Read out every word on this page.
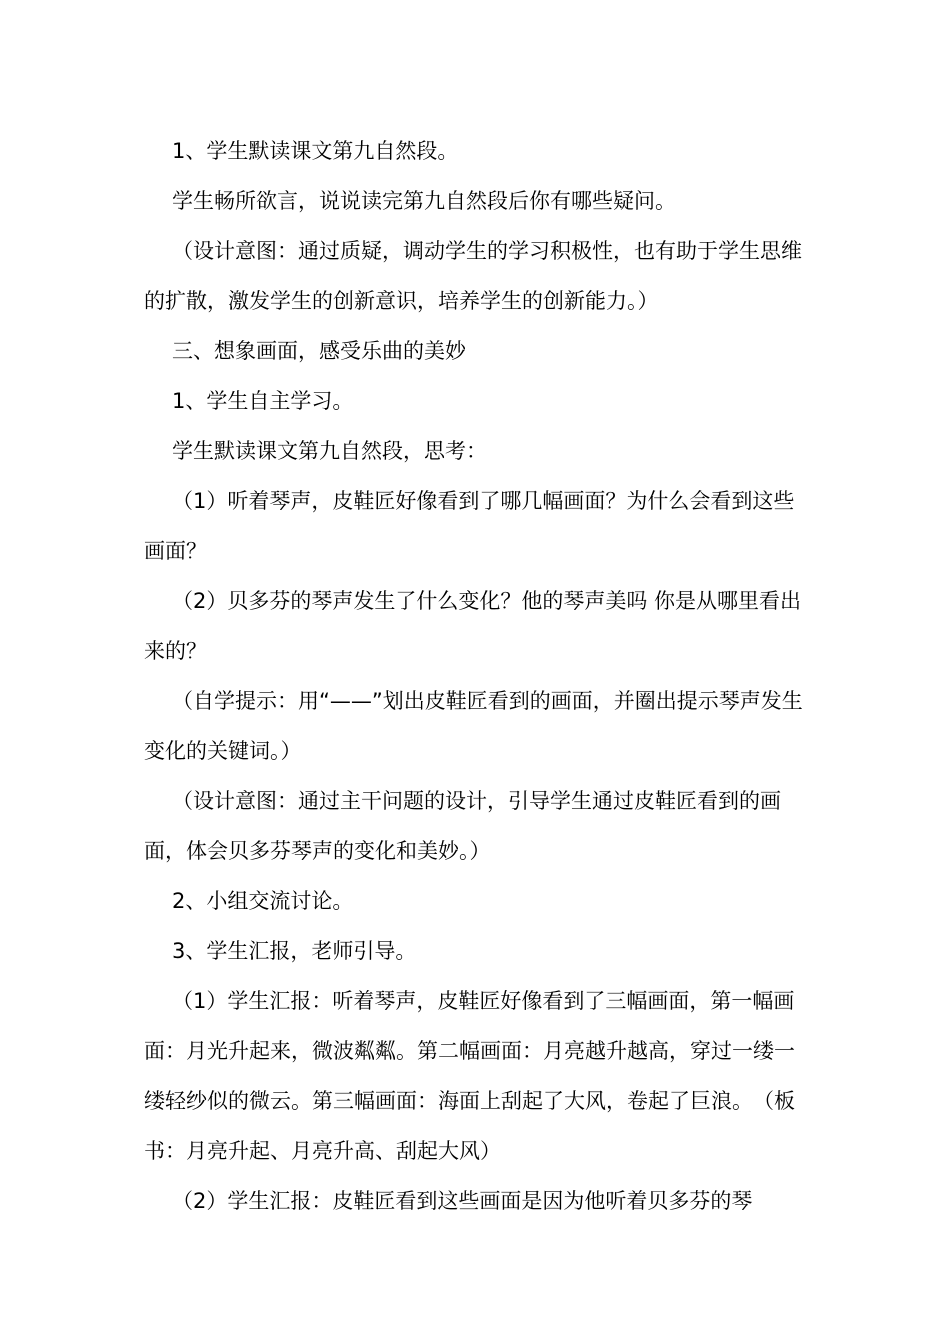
1、学生默读课文第九自然段。

学生畅所欲言，说说读完第九自然段后你有哪些疑问。

（设计意图：通过质疑，调动学生的学习积极性，也有助于学生思维的扩散，激发学生的创新意识，培养学生的创新能力。）

三、想象画面，感受乐曲的美妙

1、学生自主学习。

学生默读课文第九自然段，思考：

（1）听着琴声，皮鞋匠好像看到了哪几幅画面？为什么会看到这些画面？

（2）贝多芬的琴声发生了什么变化？他的琴声美吗 你是从哪里看出来的？

（自学提示：用“——”划出皮鞋匠看到的画面，并圈出提示琴声发生变化的关键词。）

（设计意图：通过主干问题的设计，引导学生通过皮鞋匠看到的画面，体会贝多芬琴声的变化和美妙。）

2、小组交流讨论。

3、学生汇报，老师引导。

（1）学生汇报：听着琴声，皮鞋匠好像看到了三幅画面，第一幅画面：月光升起来，微波粼粼。第二幅画面：月亮越升越高，穿过一缕一缕轻纱似的微云。第三幅画面：海面上刮起了大风，卷起了巨浪。　（板书：月亮升起、月亮升高、刮起大风）

（2）学生汇报：皮鞋匠看到这些画面是因为他听着贝多芬的琴
